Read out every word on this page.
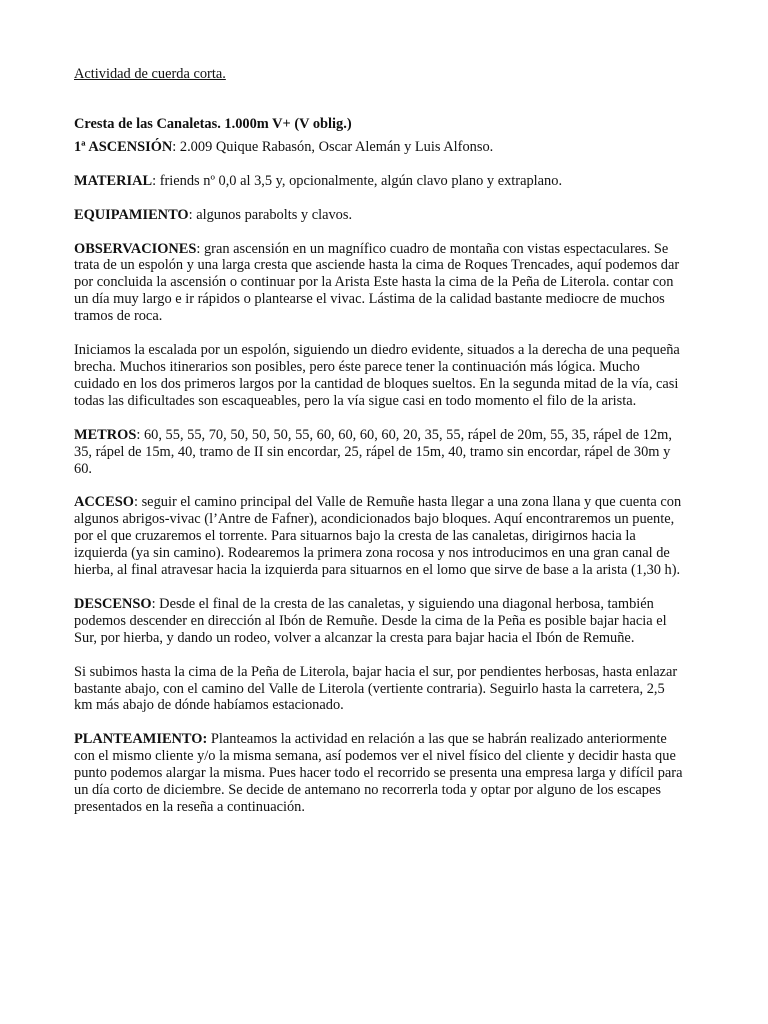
Actividad de cuerda corta.

Cresta de las Canaletas. 1.000m V+ (V oblig.)

1ª ASCENSIÓN: 2.009 Quique Rabasón, Oscar Alemán y Luis Alfonso.

MATERIAL: friends nº 0,0 al 3,5 y, opcionalmente, algún clavo plano y extraplano.

EQUIPAMIENTO: algunos parabolts y clavos.

OBSERVACIONES: gran ascensión en un magnífico cuadro de montaña con vistas espectaculares. Se trata de un espolón y una larga cresta que asciende hasta la cima de Roques Trencades, aquí podemos dar por concluida la ascensión o continuar por la Arista Este hasta la cima de la Peña de Literola. contar con un día muy largo e ir rápidos o plantearse el vivac. Lástima de la calidad bastante mediocre de muchos tramos de roca.

Iniciamos la escalada por un espolón, siguiendo un diedro evidente, situados a la derecha de una pequeña brecha. Muchos itinerarios son posibles, pero éste parece tener la continuación más lógica. Mucho cuidado en los dos primeros largos por la cantidad de bloques sueltos. En la segunda mitad de la vía, casi todas las dificultades son escaqueables, pero la vía sigue casi en todo momento el filo de la arista.

METROS: 60, 55, 55, 70, 50, 50, 50, 55, 60, 60, 60, 60, 20, 35, 55, rápel de 20m, 55, 35, rápel de 12m, 35, rápel de 15m, 40, tramo de II sin encordar, 25, rápel de 15m, 40, tramo sin encordar, rápel de 30m y 60.

ACCESO: seguir el camino principal del Valle de Remuñe hasta llegar a una zona llana y que cuenta con algunos abrigos-vivac (l’Antre de Fafner), acondicionados bajo bloques. Aquí encontraremos un puente, por el que cruzaremos el torrente. Para situarnos bajo la cresta de las canaletas, dirigirnos hacia la izquierda (ya sin camino). Rodearemos la primera zona rocosa y nos introducimos en una gran canal de hierba, al final atravesar hacia la izquierda para situarnos en el lomo que sirve de base a la arista (1,30 h).

DESCENSO: Desde el final de la cresta de las canaletas, y siguiendo una diagonal herbosa, también podemos descender en dirección al Ibón de Remuñe. Desde la cima de la Peña es posible bajar hacia el Sur, por hierba, y dando un rodeo, volver a alcanzar la cresta para bajar hacia el Ibón de Remuñe.

Si subimos hasta la cima de la Peña de Literola, bajar hacia el sur, por pendientes herbosas, hasta enlazar bastante abajo, con el camino del Valle de Literola (vertiente contraria). Seguirlo hasta la carretera, 2,5 km más abajo de dónde habíamos estacionado.

PLANTEAMIENTO: Planteamos la actividad en relación a las que se habrán realizado anteriormente con el mismo cliente y/o la misma semana, así podemos ver el nivel físico del cliente y decidir hasta que punto podemos alargar la misma. Pues hacer todo el recorrido se presenta una empresa larga y difícil para un día corto de diciembre. Se decide de antemano no recorrerla toda y optar por alguno de los escapes presentados en la reseña a continuación.
